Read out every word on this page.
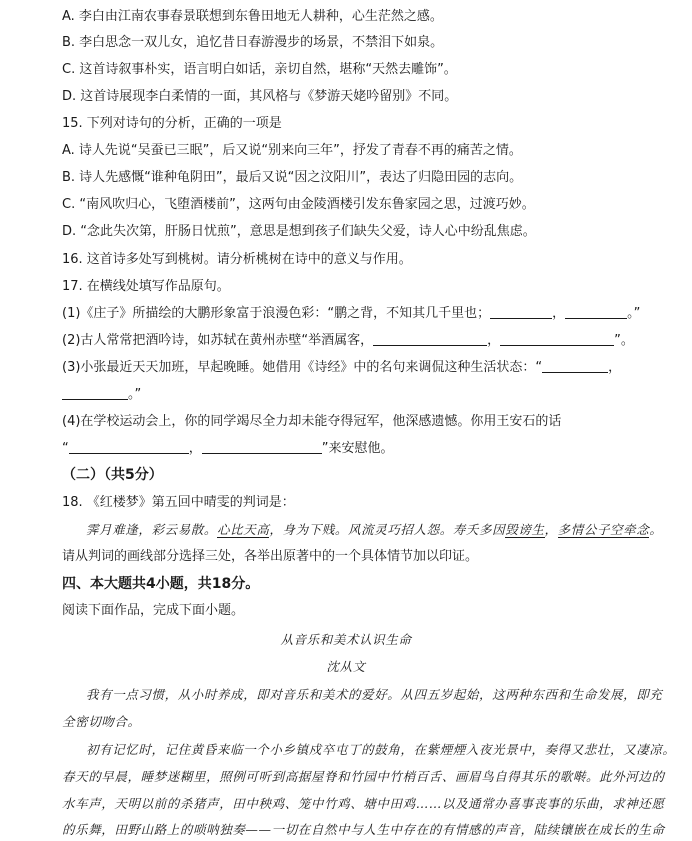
A. 李白由江南农事春景联想到东鲁田地无人耕种，心生茫然之感。
B. 李白思念一双儿女，追忆昔日春游漫步的场景，不禁泪下如泉。
C. 这首诗叙事朴实，语言明白如话，亲切自然，堪称“天然去雕饰”。
D. 这首诗展现李白柔情的一面，其风格与《梦游天姥吟留别》不同。
15. 下列对诗句的分析，正确的一项是
A. 诗人先说“吴蚕已三眠”，后又说“别来向三年”，抒发了青春不再的痛苦之情。
B. 诗人先感慨“谁种龟阴田”，最后又说“因之汶阳川”，表达了归隐田园的志向。
C. “南风吹归心，飞堕酒楼前”，这两句由金陵酒楼引发东鲁家园之思，过渡巧妙。
D. “念此失次第，肝肠日忧煎”，意思是想到孩子们缺失父爱，诗人心中纷乱焦虑。
16. 这首诗多处写到桃树。请分析桃树在诗中的意义与作用。
17. 在横线处填写作品原句。
(1)《庄子》所描绘的大鹏形象富于浪漫色彩：“鹏之背，不知其几千里也；	，	。”
(2)古人常常把酒吟诗，如苏轼在黄州赤壁“举酒属客，	，	”。
(3)小张最近天天加班，早起晚睡。她借用《诗经》中的名句来调侃这种生活状态：“	，
。”
(4)在学校运动会上，你的同学竭尽全力却未能夺得冠军，他深感遗憾。你用王安石的话
“	，	”来安慰他。
（二）（共5分）
18. 《红楼梦》第五回中晴雯的判词是：
霁月难逢，彩云易散。心比天高，身为下贱。风流灵巧招人怨。寿夭多因毁谤生，多情公子空牵念。
请从判词的画线部分选择三处，各举出原著中的一个具体情节加以印证。
四、本大题共4小题，共18分。
阅读下面作品，完成下面小题。
从音乐和美术认识生命
沈从文
我有一点习惯，从小时养成，即对音乐和美术的爱好。从四五岁起始，这两种东西和生命发展，即充
全密切吻合。
初有记忆时，记住黄昏来临一个小乡镇戍卒屯丁的鼓角，在紫煙煙入夜光景中，奏得又悲壮，又凄凉。
春天的早晨，睡梦迷糊里，照例可听到高据屋脊和竹园中竹梢百舌、画眉鸟自得其乐的歌啭。此外河边的
水车声，天明以前的杀猪声，田中秧鸡、笼中竹鸡、塘中田鸡……以及通常办喜事丧事的乐曲，求神还愿
的乐舞，田野山路上的唢呐独奏——一切在自然中与人生中存在的有情感的声音，陆续镶嵌在成长的生命
